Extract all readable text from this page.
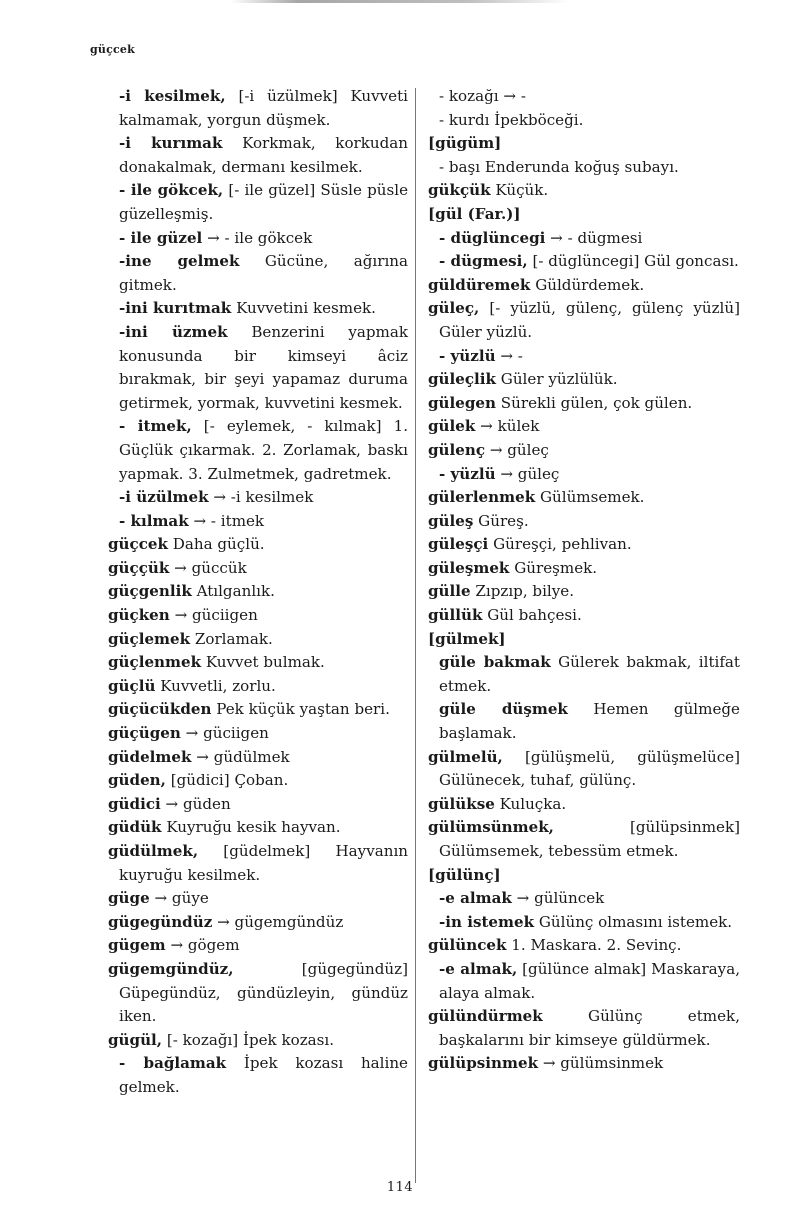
güçcek

-i kesilmek, [-i üzülmek] Kuvveti kalmamak, yorgun düşmek.

-i kurımak Korkmak, korkudan donakalmak, dermanı kesilmek.

- ile gökcek, [- ile güzel] Süsle püsle güzelleşmiş.

- ile güzel → - ile gökcek

-ine gelmek Gücüne, ağırına gitmek.

-ini kurıtmak Kuvvetini kesmek.

-ini üzmek Benzerini yapmak konusunda bir kimseyi âciz bırakmak, bir şeyi yapamaz duruma getirmek, yormak, kuvvetini kesmek.

- itmek, [- eylemek, - kılmak] 1. Güçlük çıkarmak. 2. Zorlamak, baskı yapmak. 3. Zulmetmek, gadretmek.

-i üzülmek → -i kesilmek

- kılmak → - itmek

güçcek Daha güçlü.

güççük → güccük

güçgenlik Atılganlık.

güçken → güciigen

güçlemek Zorlamak.

güçlenmek Kuvvet bulmak.

güçlü Kuvvetli, zorlu.

güçücükden Pek küçük yaştan beri.

güçügen → güciigen

güdelmek → güdülmek

güden, [güdici] Çoban.

güdici → güden

güdük Kuyruğu kesik hayvan.

güdülmek, [güdelmek] Hayvanın kuyruğu kesilmek.

güge → güye

gügegündüz → gügemgündüz

gügem → gögem

gügemgündüz, [gügegündüz] Güpegündüz, gündüzleyin, gündüz iken.

gügül, [- kozağı] İpek kozası.

- bağlamak İpek kozası haline gelmek.

- kozağı → -

- kurdı İpekböceği.

[gügüm]

- başı Enderunda koğuş subayı.

gükçük Küçük.

[gül (Far.)]

- düglüncegi → - dügmesi

- dügmesi, [- düglüncegi] Gül goncası.

güldüremek Güldürdemek.

güleç, [- yüzlü, gülenç, gülenç yüzlü] Güler yüzlü.

- yüzlü → -

güleçlik Güler yüzlülük.

gülegen Sürekli gülen, çok gülen.

gülek → külek

gülenç → güleç

- yüzlü → güleç

gülerlenmek Gülümsemek.

güleş Güreş.

güleşçi Güreşçi, pehlivan.

güleşmek Güreşmek.

gülle Zıpzıp, bilye.

güllük Gül bahçesi.

[gülmek]

güle bakmak Gülerek bakmak, iltifat etmek.

güle düşmek Hemen gülmeğe başlamak.

gülmelü, [gülüşmelü, gülüşmelüce] Gülünecek, tuhaf, gülünç.

gülükse Kuluçka.

gülümsünmek, [gülüpsinmek] Gülümsemek, tebessüm etmek.

[gülünç]

-e almak → gülüncek

-in istemek Gülünç olmasını istemek.

gülüncek 1. Maskara. 2. Sevinç.

-e almak, [gülünce almak] Maskaraya, alaya almak.

gülündürmek Gülünç etmek, başkalarını bir kimseye güldürmek.

gülüpsinmek → gülümsinmek

114
